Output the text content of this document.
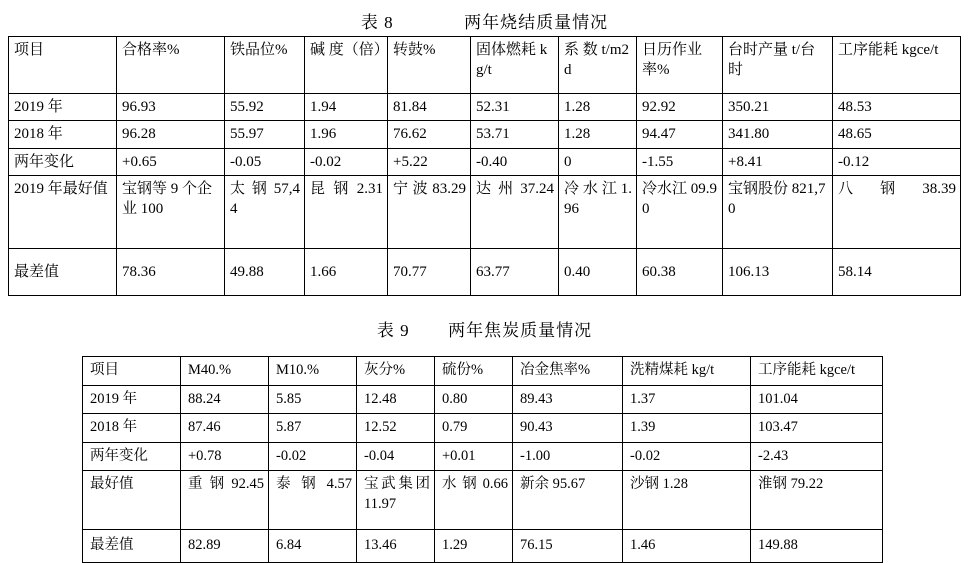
表 8	两年烧结质量情况
项目	合格率%	铁品位%	碱 度（倍）	转鼓%	固体燃耗 kg/t	系 数 t/m2d	日历作业率%	台时产量 t/台时	工序能耗 kgce/t
2019 年	96.93	55.92	1.94	81.84	52.31	1.28	92.92	350.21	48.53
2018 年	96.28	55.97	1.96	76.62	53.71	1.28	94.47	341.80	48.65
两年变化	+0.65	-0.05	-0.02	+5.22	-0.40	0	-1.55	+8.41	-0.12
2019 年最好值	宝钢等 9 个企业 100	太 钢 57,44	昆 钢 2.31	宁 波 83.29	达 州 37.24	冷 水 江 1.96	冷水江 09.90	宝钢股份 821,70	八 钢 38.39
最差值	78.36	49.88	1.66	70.77	63.77	0.40	60.38	106.13	58.14
表 9 两年焦炭质量情况
项目	M40.%	M10.%	灰分%	硫份%	冶金焦率%	洗精煤耗 kg/t	工序能耗 kgce/t
2019 年	88.24	5.85	12.48	0.80	89.43	1.37	101.04
2018 年	87.46	5.87	12.52	0.79	90.43	1.39	103.47
两年变化	+0.78	-0.02	-0.04	+0.01	-1.00	-0.02	-2.43
最好值	重 钢 92.45	泰 钢 4.57	宝武集团 11.97	水 钢 0.66	新余 95.67	沙钢 1.28	淮钢 79.22
最差值	82.89	6.84	13.46	1.29	76.15	1.46	149.88
